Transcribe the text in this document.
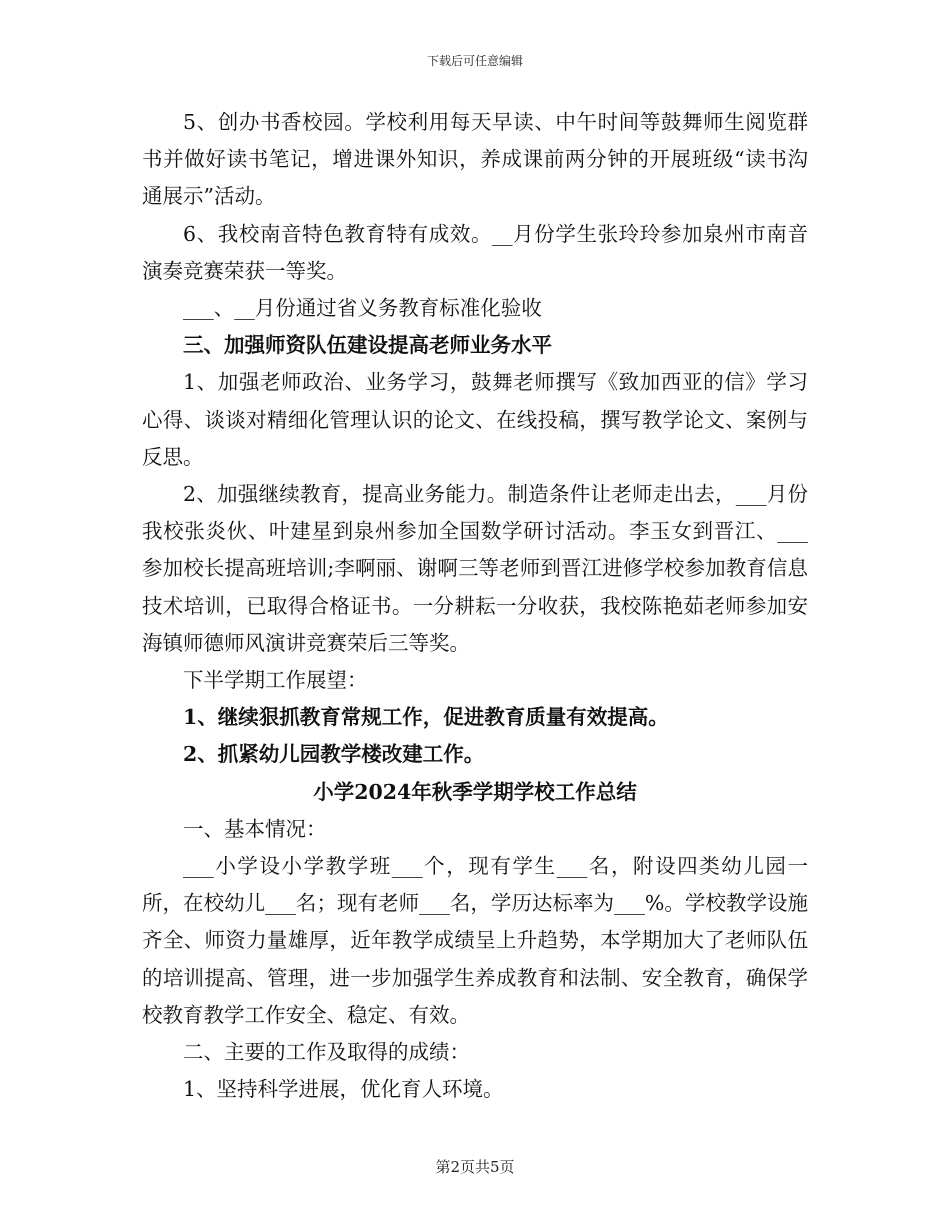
下载后可任意编辑

5、创办书香校园。学校利用每天早读、中午时间等鼓舞师生阅览群书并做好读书笔记，增进课外知识，养成课前两分钟的开展班级“读书沟通展示”活动。

6、我校南音特色教育特有成效。__月份学生张玲玲参加泉州市南音演奏竞赛荣获一等奖。

___、__月份通过省义务教育标准化验收

三、加强师资队伍建设提高老师业务水平

1、加强老师政治、业务学习，鼓舞老师撰写《致加西亚的信》学习心得、谈谈对精细化管理认识的论文、在线投稿，撰写教学论文、案例与反思。

2、加强继续教育，提高业务能力。制造条件让老师走出去，___月份我校张炎伙、叶建星到泉州参加全国数学研讨活动。李玉女到晋江、___参加校长提高班培训;李啊丽、谢啊三等老师到晋江进修学校参加教育信息技术培训，已取得合格证书。一分耕耘一分收获，我校陈艳茹老师参加安海镇师德师风演讲竞赛荣后三等奖。

下半学期工作展望：

1、继续狠抓教育常规工作，促进教育质量有效提高。

2、抓紧幼儿园教学楼改建工作。

小学2024年秋季学期学校工作总结

一、基本情况：

___小学设小学教学班___个，现有学生___名，附设四类幼儿园一所，在校幼儿___名；现有老师___名，学历达标率为___%。学校教学设施齐全、师资力量雄厚，近年教学成绩呈上升趋势，本学期加大了老师队伍的培训提高、管理，进一步加强学生养成教育和法制、安全教育，确保学校教育教学工作安全、稳定、有效。

二、主要的工作及取得的成绩：

1、坚持科学进展，优化育人环境。

第2页共5页
